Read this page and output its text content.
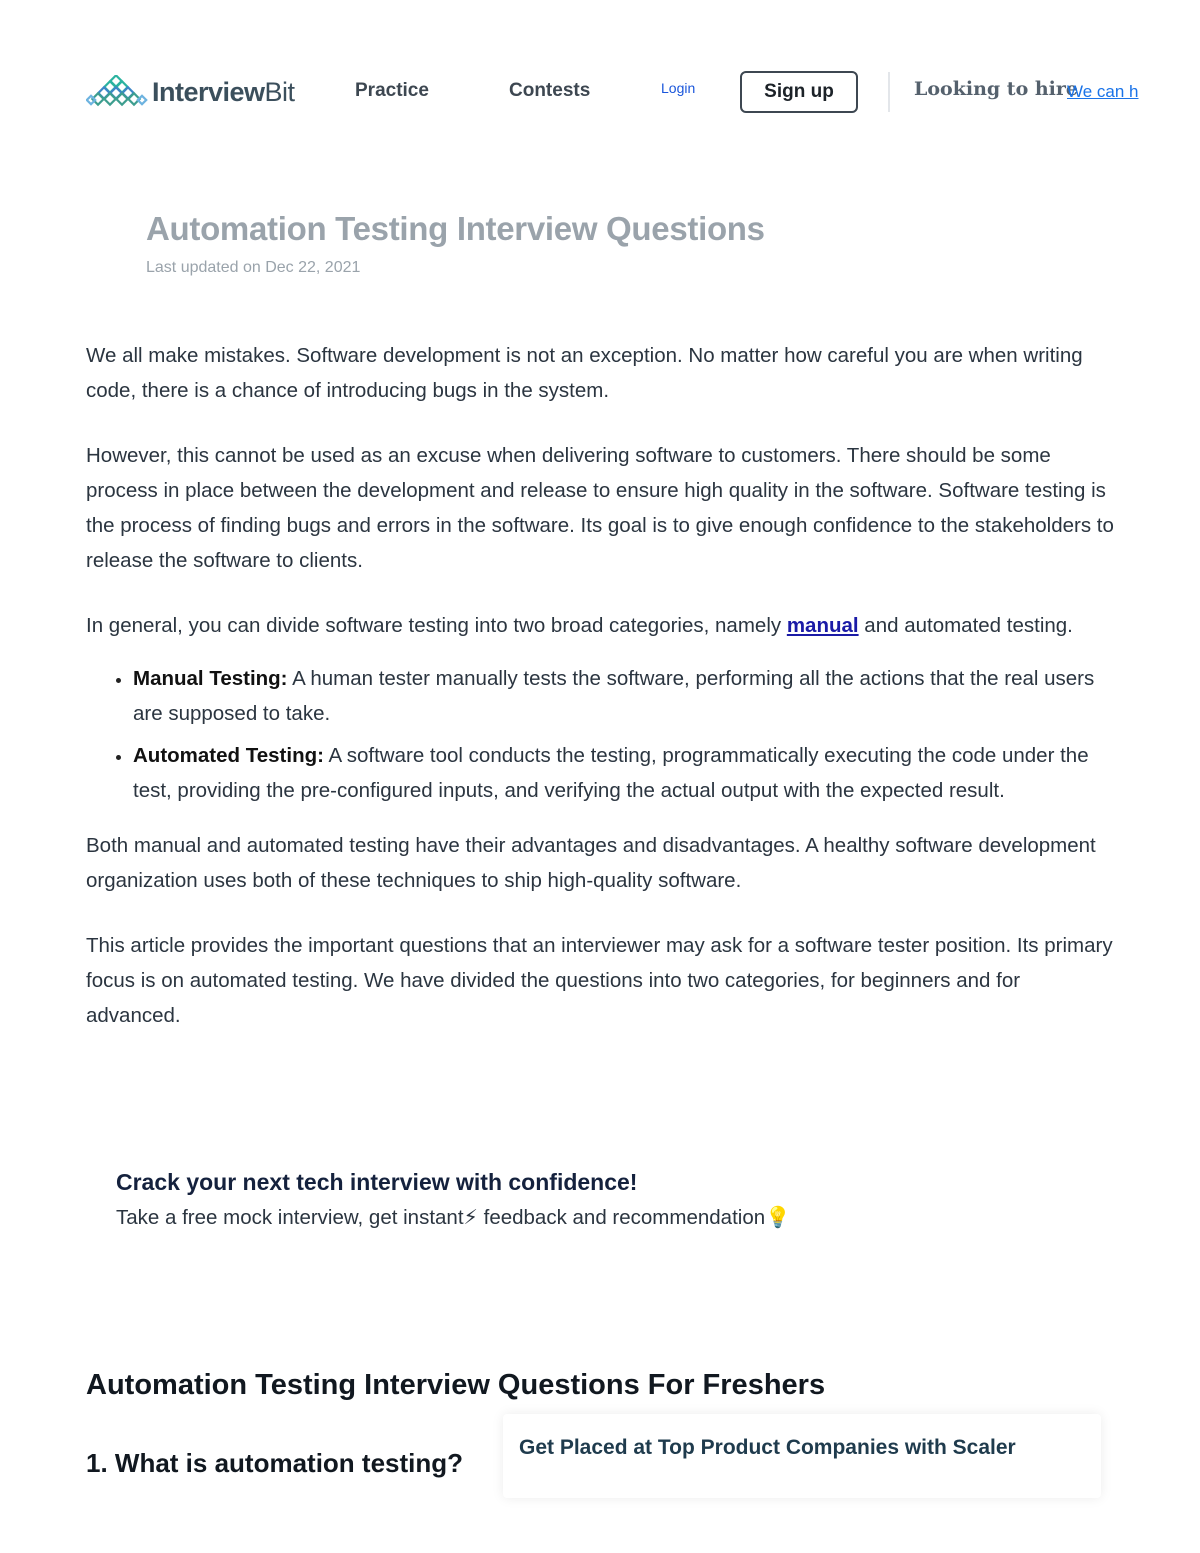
InterviewBit	Practice	Contests	Login	Sign up	Looking to hire
We can h
Automation Testing Interview Questions
Last updated on Dec 22, 2021

We all make mistakes. Software development is not an exception. No matter how careful you are when writing code, there is a chance of introducing bugs in the system.

However, this cannot be used as an excuse when delivering software to customers. There should be some process in place between the development and release to ensure high quality in the software. Software testing is the process of finding bugs and errors in the software. Its goal is to give enough confidence to the stakeholders to release the software to clients.

In general, you can divide software testing into two broad categories, namely manual and automated testing.

• Manual Testing: A human tester manually tests the software, performing all the actions that the real users are supposed to take.
• Automated Testing: A software tool conducts the testing, programmatically executing the code under the test, providing the pre-configured inputs, and verifying the actual output with the expected result.

Both manual and automated testing have their advantages and disadvantages. A healthy software development organization uses both of these techniques to ship high-quality software.

This article provides the important questions that an interviewer may ask for a software tester position. Its primary focus is on automated testing. We have divided the questions into two categories, for beginners and for advanced.

Crack your next tech interview with confidence!
Take a free mock interview, get instant⚡ feedback and recommendation💡
Automation Testing Interview Questions For Freshers
1. What is automation testing?
Get Placed at Top Product Companies with Scaler
